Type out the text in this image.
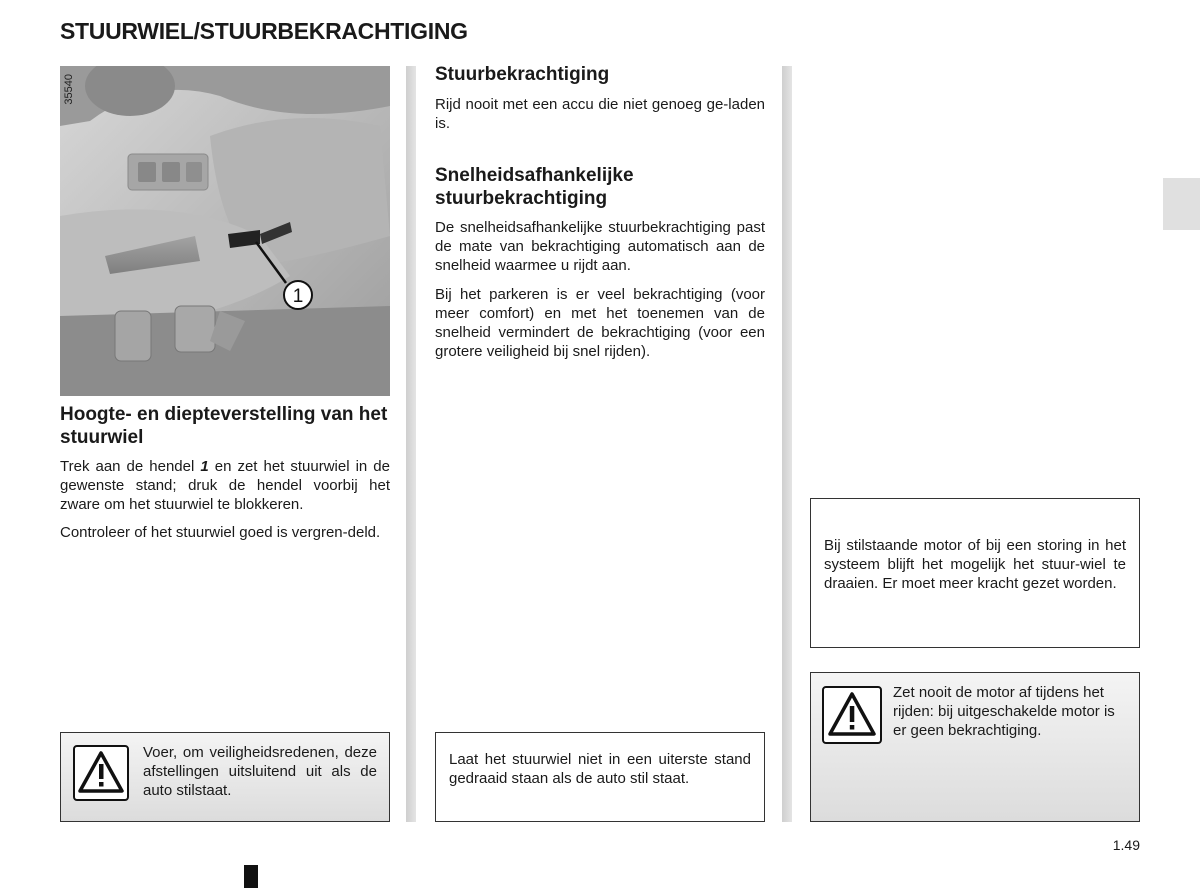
STUURWIEL/STUURBEKRACHTIGING
1
35540
Hoogte- en diepteverstelling van het stuurwiel

Trek aan de hendel 1 en zet het stuurwiel in de gewenste stand; druk de hendel voorbij het zware om het stuurwiel te blokkeren.

Controleer of het stuurwiel goed is vergren-deld.

Voer, om veiligheidsredenen, deze afstellingen uitsluitend uit als de auto stilstaat.
Stuurbekrachtiging

Rijd nooit met een accu die niet genoeg ge-laden is.

Snelheidsafhankelijke stuurbekrachtiging

De snelheidsafhankelijke stuurbekrachtiging past de mate van bekrachtiging automatisch aan de snelheid waarmee u rijdt aan.

Bij het parkeren is er veel bekrachtiging (voor meer comfort) en met het toenemen van de snelheid vermindert de bekrachtiging (voor een grotere veiligheid bij snel rijden).

Laat het stuurwiel niet in een uiterste stand gedraaid staan als de auto stil staat.
Bij stilstaande motor of bij een storing in het systeem blijft het mogelijk het stuur-wiel te draaien. Er moet meer kracht gezet worden.
Zet nooit de motor af tijdens het rijden: bij uitgeschakelde motor is er geen bekrachtiging.
1.49
